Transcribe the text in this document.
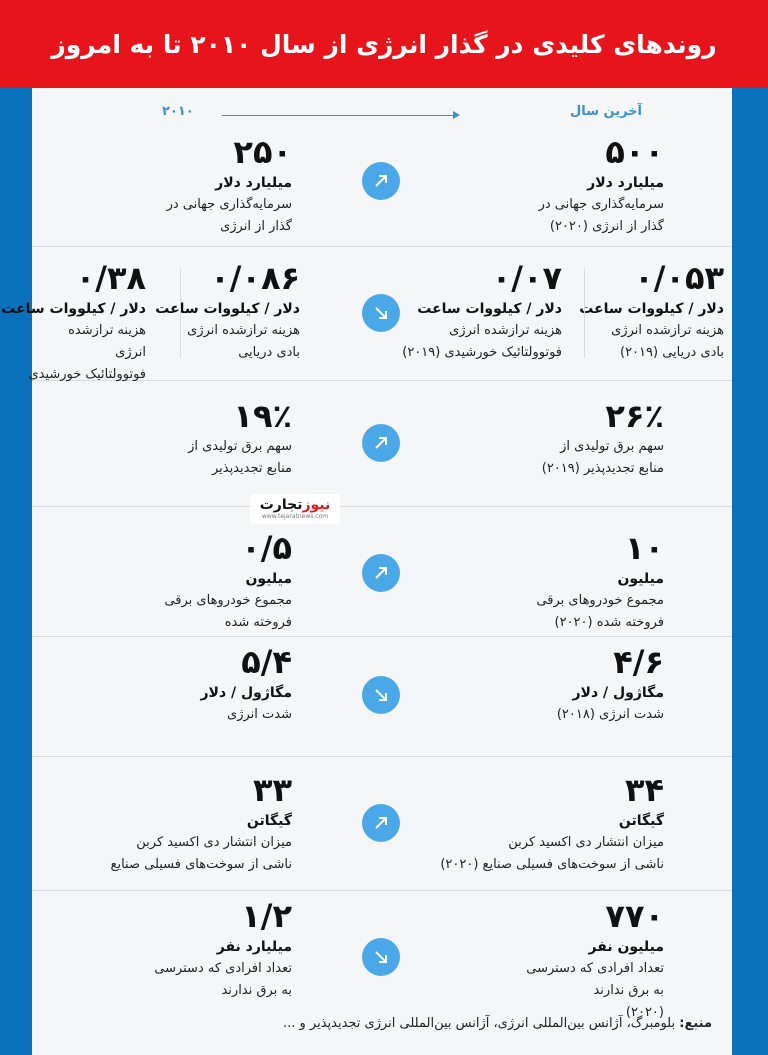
روندهای کلیدی در گذار انرژی از سال ۲۰۱۰ تا به امروز
آخرین سال
۲۰۱۰
۵۰۰
میلیارد دلار
سرمایه‌گذاری جهانی در
گذار از انرژی (۲۰۲۰)
۲۵۰
میلیارد دلار
سرمایه‌گذاری جهانی در
گذار از انرژی
۰/۰۵۳
دلار / کیلووات ساعت
هزینه ترازشده انرژی
بادی دریایی (۲۰۱۹)
۰/۰۷
دلار / کیلووات ساعت
هزینه ترازشده انرژی
فوتوولتائیک خورشیدی (۲۰۱۹)
۰/۰۸۶
دلار / کیلووات ساعت
هزینه ترازشده انرژی
بادی دریایی
۰/۳۸
دلار / کیلووات ساعت
هزینه ترازشده انرژی
فوتوولتائیک خورشیدی
۲۶٪
سهم برق تولیدی از
منابع تجدیدپذیر (۲۰۱۹)
۱۹٪
سهم برق تولیدی از
منابع تجدیدپذیر
۱۰
میلیون
مجموع خودروهای برقی
فروخته شده (۲۰۲۰)
۰/۵
میلیون
مجموع خودروهای برقی
فروخته شده
۴/۶
مگاژول / دلار
شدت انرژی (۲۰۱۸)
۵/۴
مگاژول / دلار
شدت انرژی
۳۴
گیگاتن
میزان انتشار دی اکسید کربن
ناشی از سوخت‌های فسیلی صنایع (۲۰۲۰)
۳۳
گیگاتن
میزان انتشار دی اکسید کربن
ناشی از سوخت‌های فسیلی صنایع
۷۷۰
میلیون نفر
تعداد افرادی که دسترسی
به برق ندارند
(۲۰۲۰)
۱/۲
میلیارد نفر
تعداد افرادی که دسترسی
به برق ندارند
نیوزتجارت
www.tejaratnews.com
منبع: بلومبرگ، آژانس بین‌المللی انرژی، آژانس بین‌المللی انرژی تجدیدپذیر و ...
